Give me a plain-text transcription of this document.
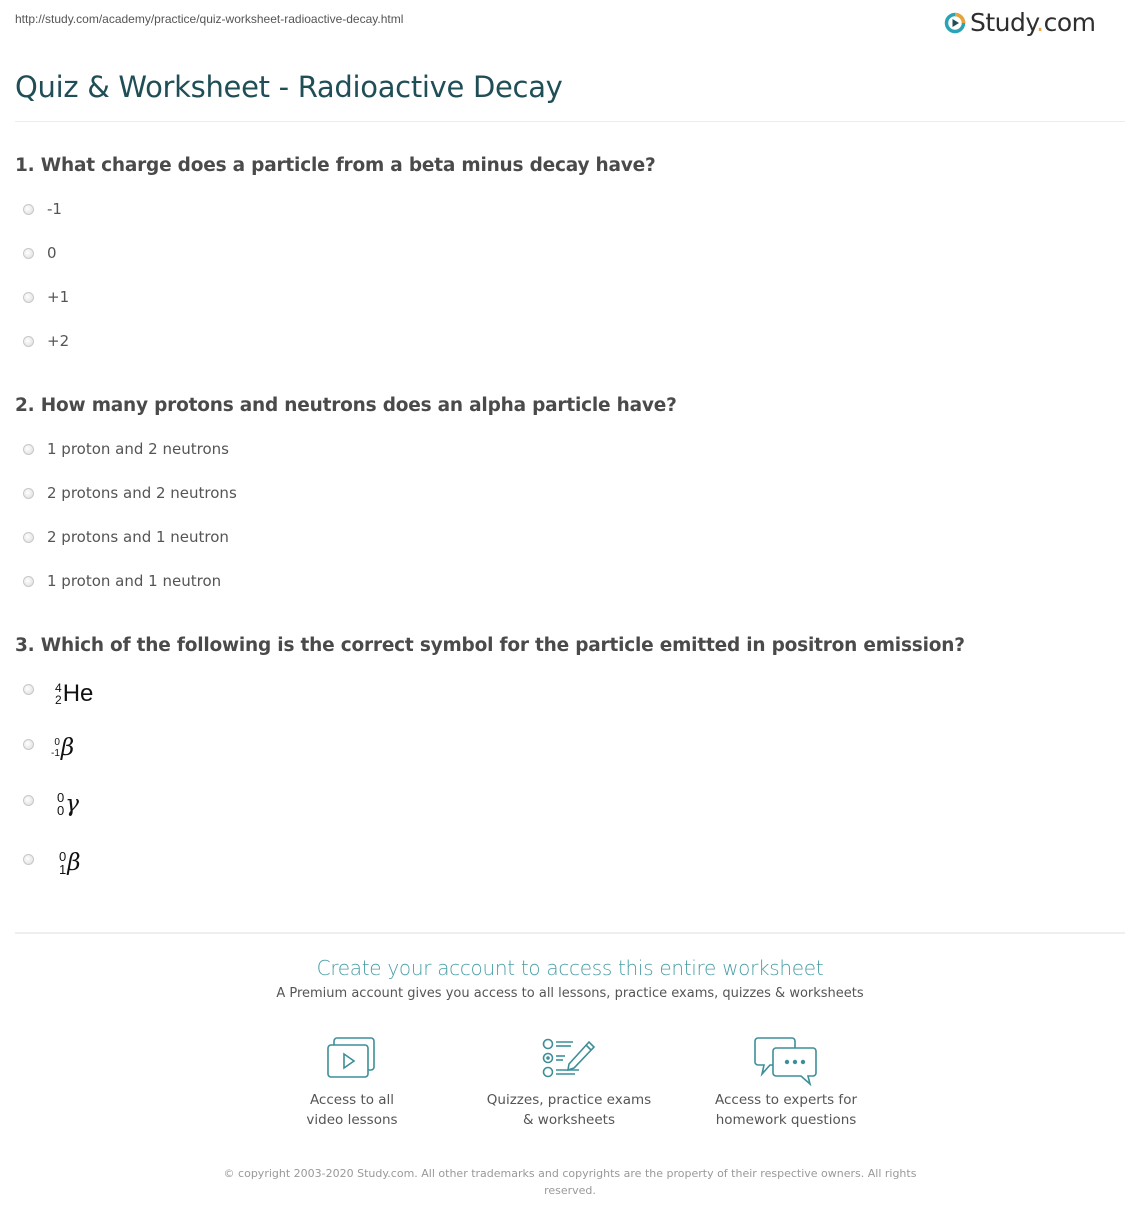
http://study.com/academy/practice/quiz-worksheet-radioactive-decay.html	Study.com
Quiz & Worksheet - Radioactive Decay
1. What charge does a particle from a beta minus decay have?
-1
0
+1
+2
2. How many protons and neutrons does an alpha particle have?
1 proton and 2 neutrons
2 protons and 2 neutrons
2 protons and 1 neutron
1 proton and 1 neutron
3. Which of the following is the correct symbol for the particle emitted in positron emission?
4
2 He
0
-1 β
0
0 γ
0
1 β
Create your account to access this entire worksheet
A Premium account gives you access to all lessons, practice exams, quizzes & worksheets
Access to all
video lessons
Quizzes, practice exams
& worksheets
Access to experts for
homework questions
© copyright 2003-2020 Study.com. All other trademarks and copyrights are the property of their respective owners. All rights reserved.
